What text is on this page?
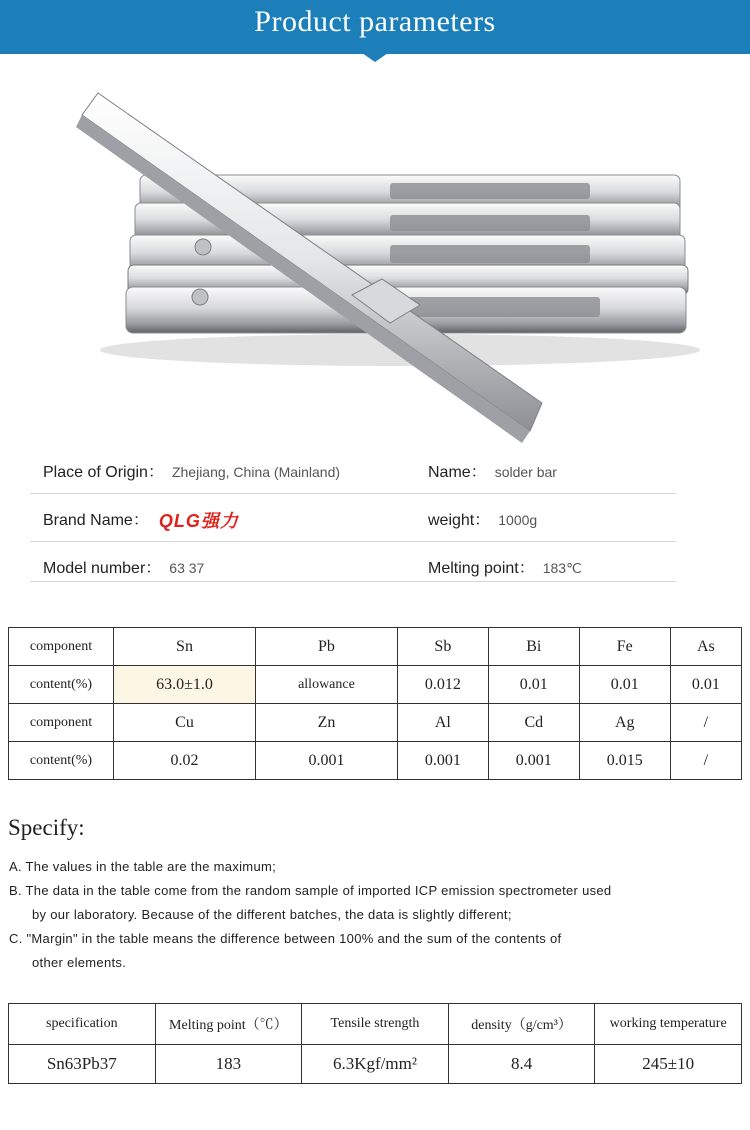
Product parameters
Place of Origin： Zhejiang, China (Mainland)	Name： solder bar
Brand Name： QLG强力	weight： 1000g
Model number： 63 37	Melting point： 183℃
component	Sn	Pb	Sb	Bi	Fe	As
content(%)	63.0±1.0	allowance	0.012	0.01	0.01	0.01
component	Cu	Zn	Al	Cd	Ag	/
content(%)	0.02	0.001	0.001	0.001	0.015	/
Specify:
A. The values in the table are the maximum;
B. The data in the table come from the random sample of imported ICP emission spectrometer used
by our laboratory. Because of the different batches, the data is slightly different;
C. "Margin" in the table means the difference between 100% and the sum of the contents of
other elements.
specification	Melting point（℃）	Tensile strength	density（g/cm³）	working temperature
Sn63Pb37	183	6.3Kgf/mm²	8.4	245±10
